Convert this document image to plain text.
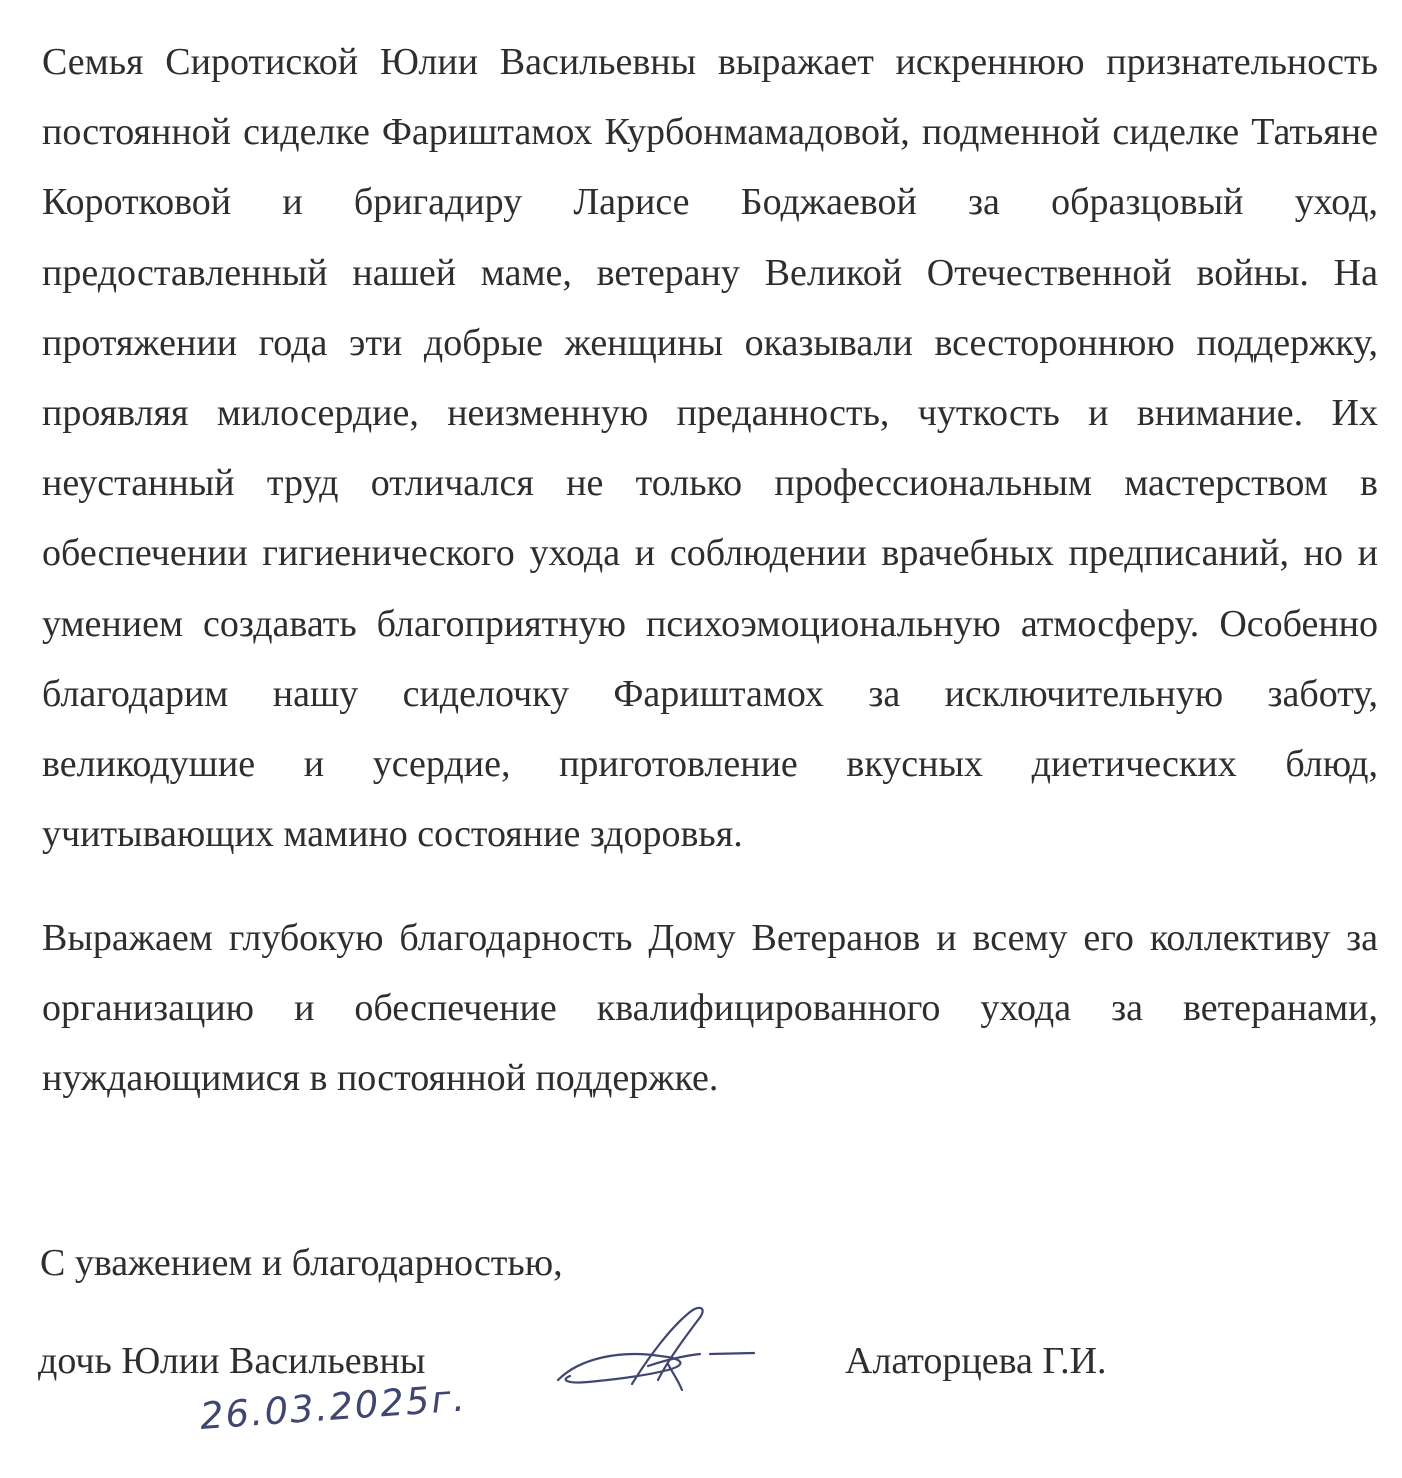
Семья Сиротиской Юлии Васильевны выражает искреннюю признательность постоянной сиделке Фариштамох Курбонмамадовой, подменной сиделке Татьяне Коротковой и бригадиру Ларисе Боджаевой за образцовый уход, предоставленный нашей маме, ветерану Великой Отечественной войны. На протяжении года эти добрые женщины оказывали всестороннюю поддержку, проявляя милосердие, неизменную преданность, чуткость и внимание. Их неустанный труд отличался не только профессиональным мастерством в обеспечении гигиенического ухода и соблюдении врачебных предписаний, но и умением создавать благоприятную психоэмоциональную атмосферу. Особенно благодарим нашу сиделочку Фариштамох за исключительную заботу, великодушие и усердие, приготовление вкусных диетических блюд, учитывающих мамино состояние здоровья.

Выражаем глубокую благодарность Дому Ветеранов и всему его коллективу за организацию и обеспечение квалифицированного ухода за ветеранами, нуждающимися в постоянной поддержке.

С уважением и благодарностью,
дочь Юлии Васильевны	Алаторцева Г.И.
26.03.2025г.
